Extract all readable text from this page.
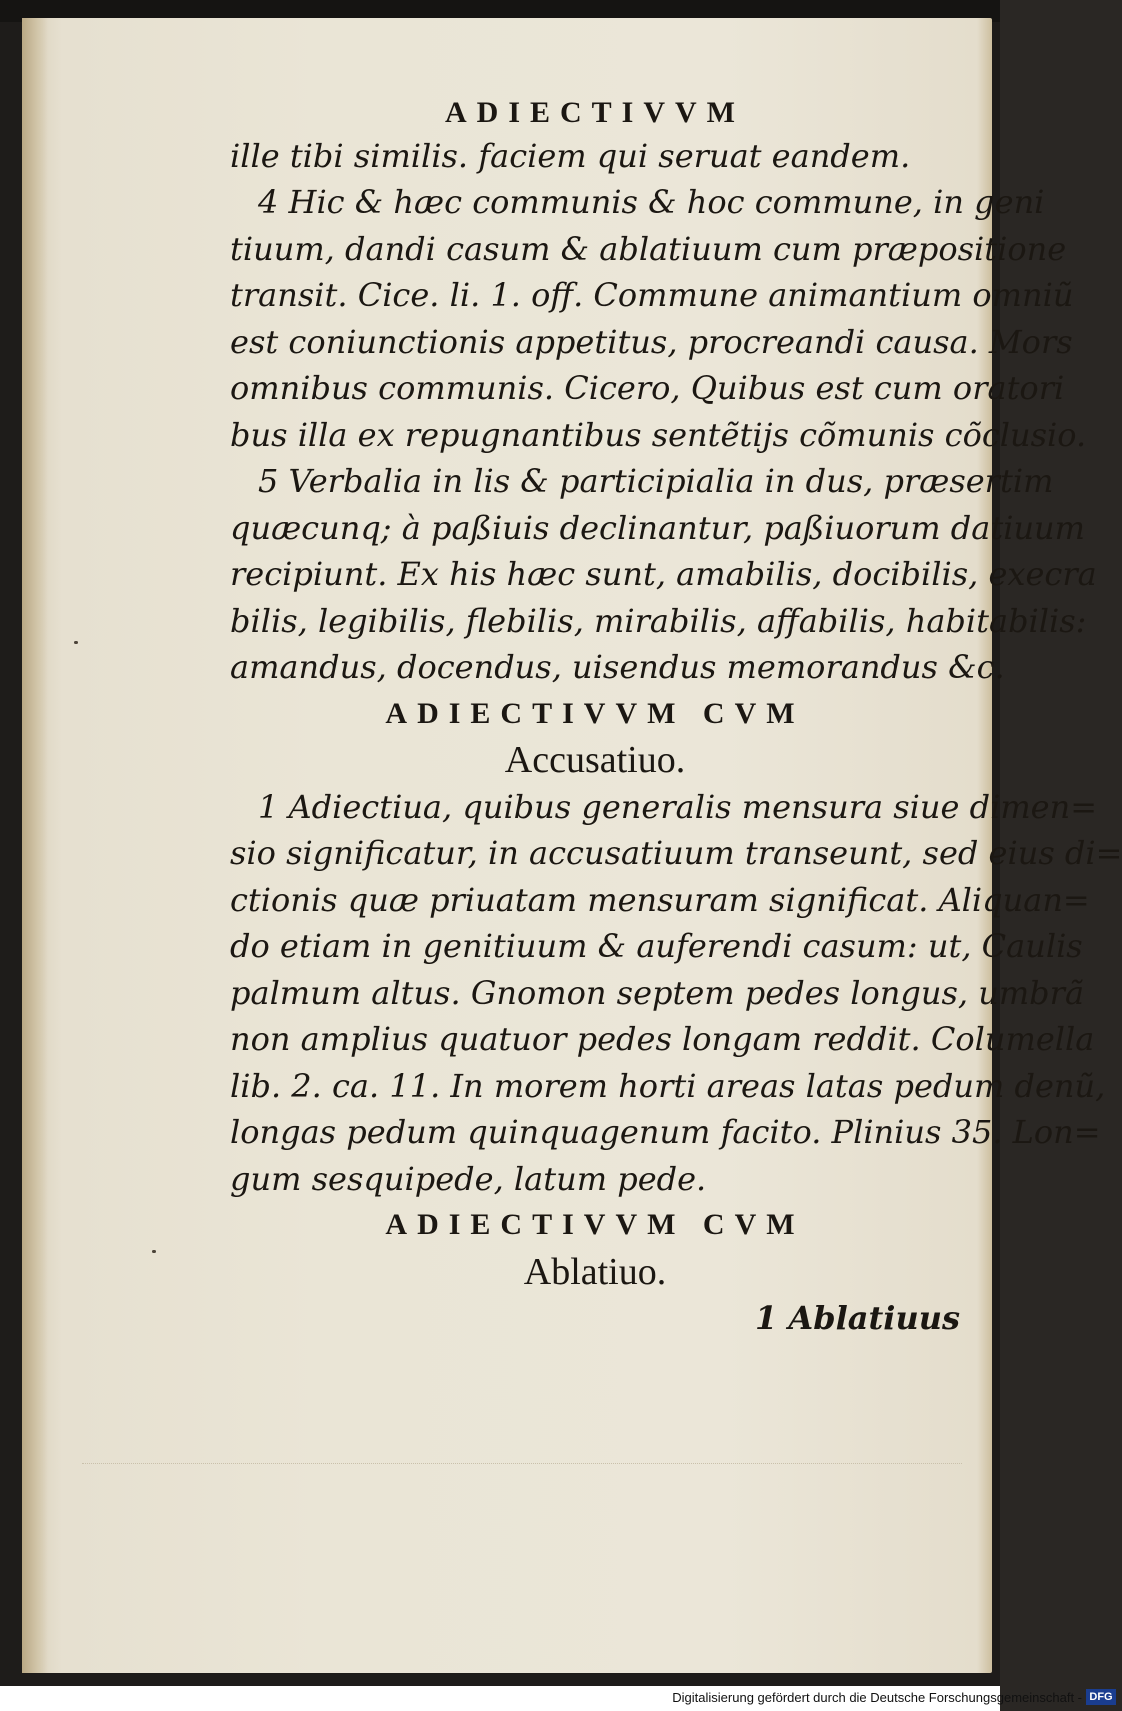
ADIECTIVVM
ille tibi similis. faciem qui seruat eandem.
4 Hic & hæc communis & hoc commune, in geni
tiuum, dandi casum & ablatiuum cum præpositione
transit. Cice. li. 1. off. Commune animantium omniũ
est coniunctionis appetitus, procreandi causa. Mors
omnibus communis. Cicero, Quibus est cum oratori
bus illa ex repugnantibus sentẽtijs cõmunis cõclusio.
5 Verbalia in lis & participialia in dus, præsertim
quæcunq; à paßiuis declinantur, paßiuorum datiuum
recipiunt. Ex his hæc sunt, amabilis, docibilis, execra
bilis, legibilis, flebilis, mirabilis, affabilis, habitabilis:
amandus, docendus, uisendus memorandus &c.
ADIECTIVVM CVM
Accusatiuo.
1 Adiectiua, quibus generalis mensura siue dimen=
sio significatur, in accusatiuum transeunt, sed eius di=
ctionis quæ priuatam mensuram significat. Aliquan=
do etiam in genitiuum & auferendi casum: ut, Caulis
palmum altus. Gnomon septem pedes longus, umbrã
non amplius quatuor pedes longam reddit. Columella
lib. 2. ca. 11. In morem horti areas latas pedum denũ,
longas pedum quinquagenum facito. Plinius 35. Lon=
gum sesquipede, latum pede.
ADIECTIVVM CVM
Ablatiuo.
1 Ablatiuus
Digitalisierung gefördert durch die Deutsche Forschungsgemeinschaft - DFG
